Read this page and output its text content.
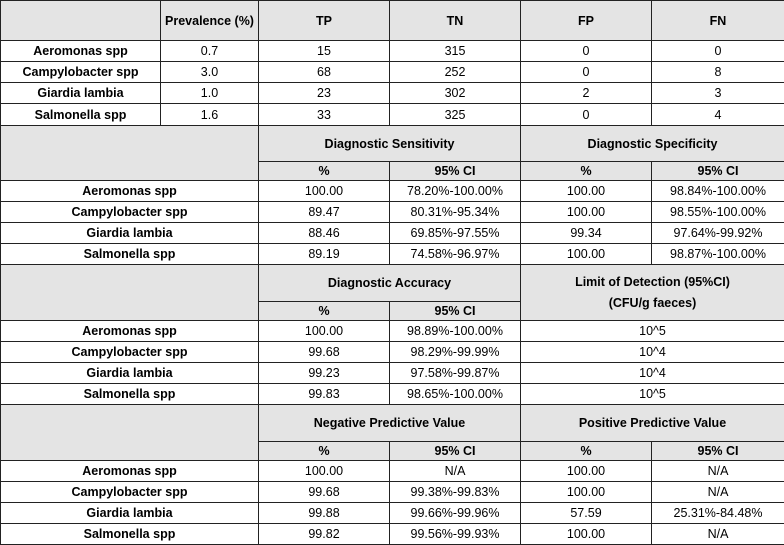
	Prevalence (%)	TP	TN	FP	FN
Aeromonas spp	0.7	15	315	0	0
Campylobacter spp	3.0	68	252	0	8
Giardia lambia	1.0	23	302	2	3
Salmonella spp	1.6	33	325	0	4
		Diagnostic Sensitivity		Diagnostic Specificity	
		%	95% CI	%	95% CI
Aeromonas spp		100.00	78.20%-100.00%	100.00	98.84%-100.00%
Campylobacter spp		89.47	80.31%-95.34%	100.00	98.55%-100.00%
Giardia lambia		88.46	69.85%-97.55%	99.34	97.64%-99.92%
Salmonella spp		89.19	74.58%-96.97%	100.00	98.87%-100.00%
		Diagnostic Accuracy		Limit of Detection (95%CI) (CFU/g faeces)	
		%	95% CI		
Aeromonas spp		100.00	98.89%-100.00%	10^5	
Campylobacter spp		99.68	98.29%-99.99%	10^4	
Giardia lambia		99.23	97.58%-99.87%	10^4	
Salmonella spp		99.83	98.65%-100.00%	10^5	
		Negative Predictive Value		Positive Predictive Value	
		%	95% CI	%	95% CI
Aeromonas spp		100.00	N/A	100.00	N/A
Campylobacter spp		99.68	99.38%-99.83%	100.00	N/A
Giardia lambia		99.88	99.66%-99.96%	57.59	25.31%-84.48%
Salmonella spp		99.82	99.56%-99.93%	100.00	N/A
